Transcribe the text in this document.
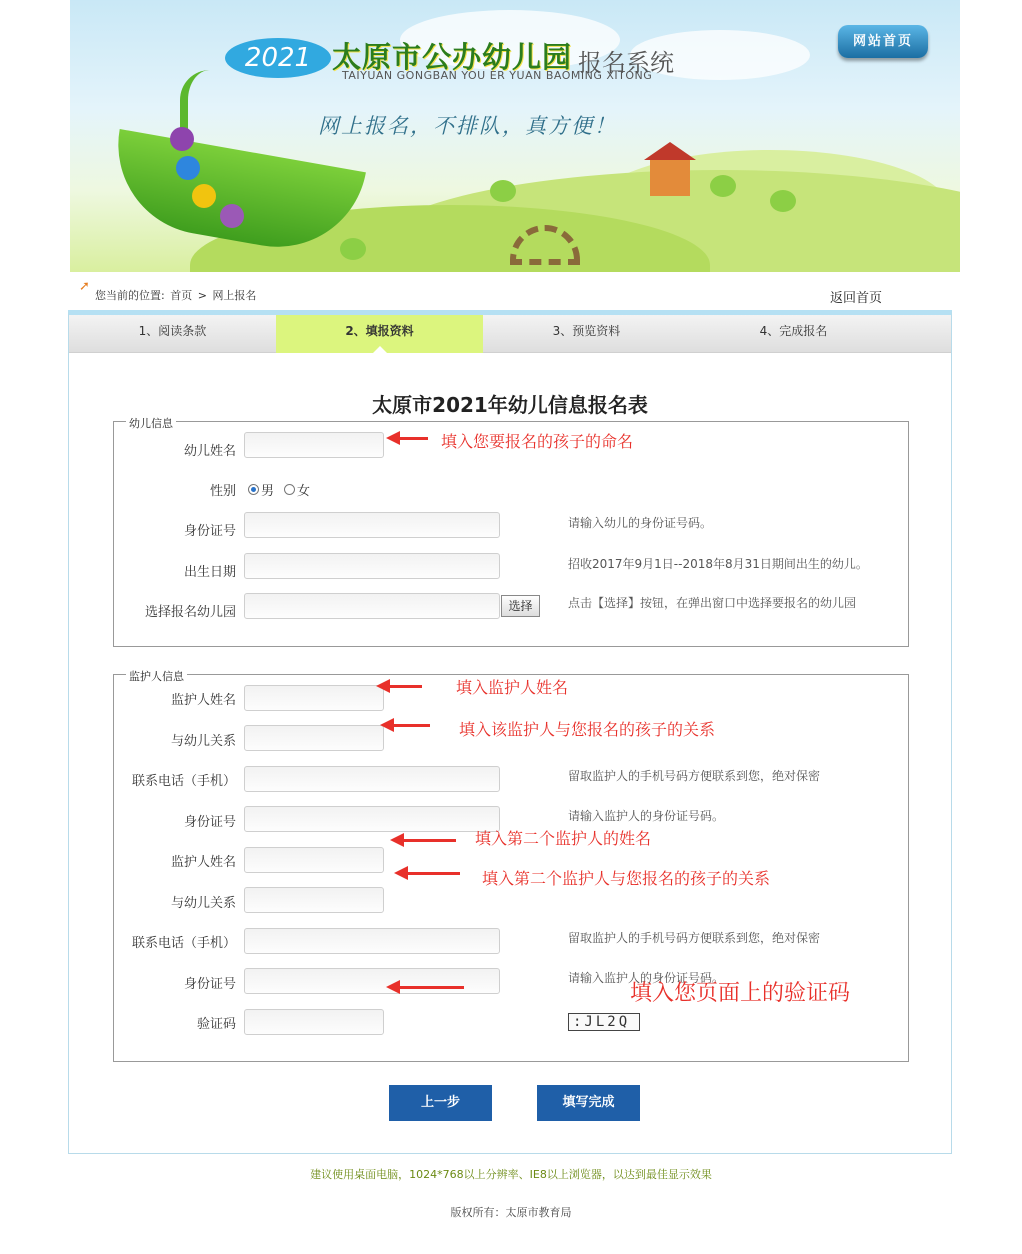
2021 太原市公办幼儿园 报名系统
TAIYUAN GONGBAN YOU ER YUAN BAOMING XITONG
网上报名，不排队，真方便！
网站首页
➚
您当前的位置: 首页 > 网上报名	返回首页
1、阅读条款	2、填报资料	3、预览资料	4、完成报名
太原市2021年幼儿信息报名表
幼儿信息
幼儿姓名
性别 男 女
身份证号
请输入幼儿的身份证号码。
出生日期
招收2017年9月1日--2018年8月31日期间出生的幼儿。
选择报名幼儿园	选择	点击【选择】按钮，在弹出窗口中选择要报名的幼儿园
监护人信息
监护人姓名
与幼儿关系
联系电话（手机）	留取监护人的手机号码方便联系到您，绝对保密
身份证号	请输入监护人的身份证号码。
监护人姓名
与幼儿关系
联系电话（手机）	留取监护人的手机号码方便联系到您，绝对保密
身份证号	请输入监护人的身份证号码。
验证码	:JL2Q
上一步	填写完成
填入您要报名的孩子的命名
填入监护人姓名
填入该监护人与您报名的孩子的关系
填入第二个监护人的姓名
填入第二个监护人与您报名的孩子的关系
填入您页面上的验证码
建议使用桌面电脑，1024*768以上分辨率、IE8以上浏览器，以达到最佳显示效果
版权所有：太原市教育局
